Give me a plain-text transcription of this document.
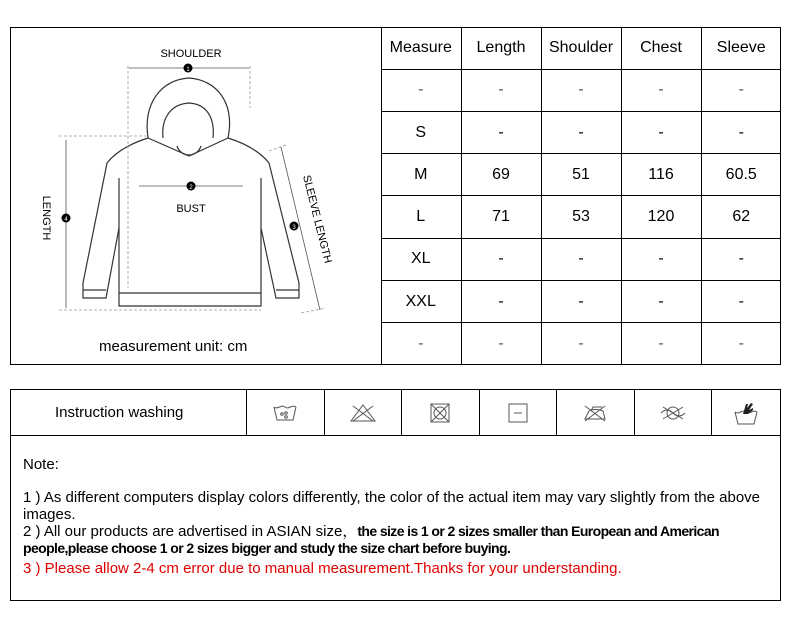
1
2
3
4
SHOULDER
BUST
LENGTH	SLEEVE LENGTH
measurement unit: cm
Measure	Length	Shoulder	Chest	Sleeve
-	-	-	-	-
S	-	-	-	-
M	69	51	116	60.5
L	71	53	120	62
XL	-	-	-	-
XXL	-	-	-	-
-	-	-	-	-
Instruction washing

Note:

1 ) As different computers display colors differently, the color of the actual item may vary slightly from the above images.

2 ) All our products are advertised in ASIAN size，the size is 1 or 2 sizes smaller than European and American people,please choose 1 or 2 sizes bigger and study the size chart before buying.

3 ) Please allow 2-4 cm error due to manual measurement.Thanks for your understanding.
